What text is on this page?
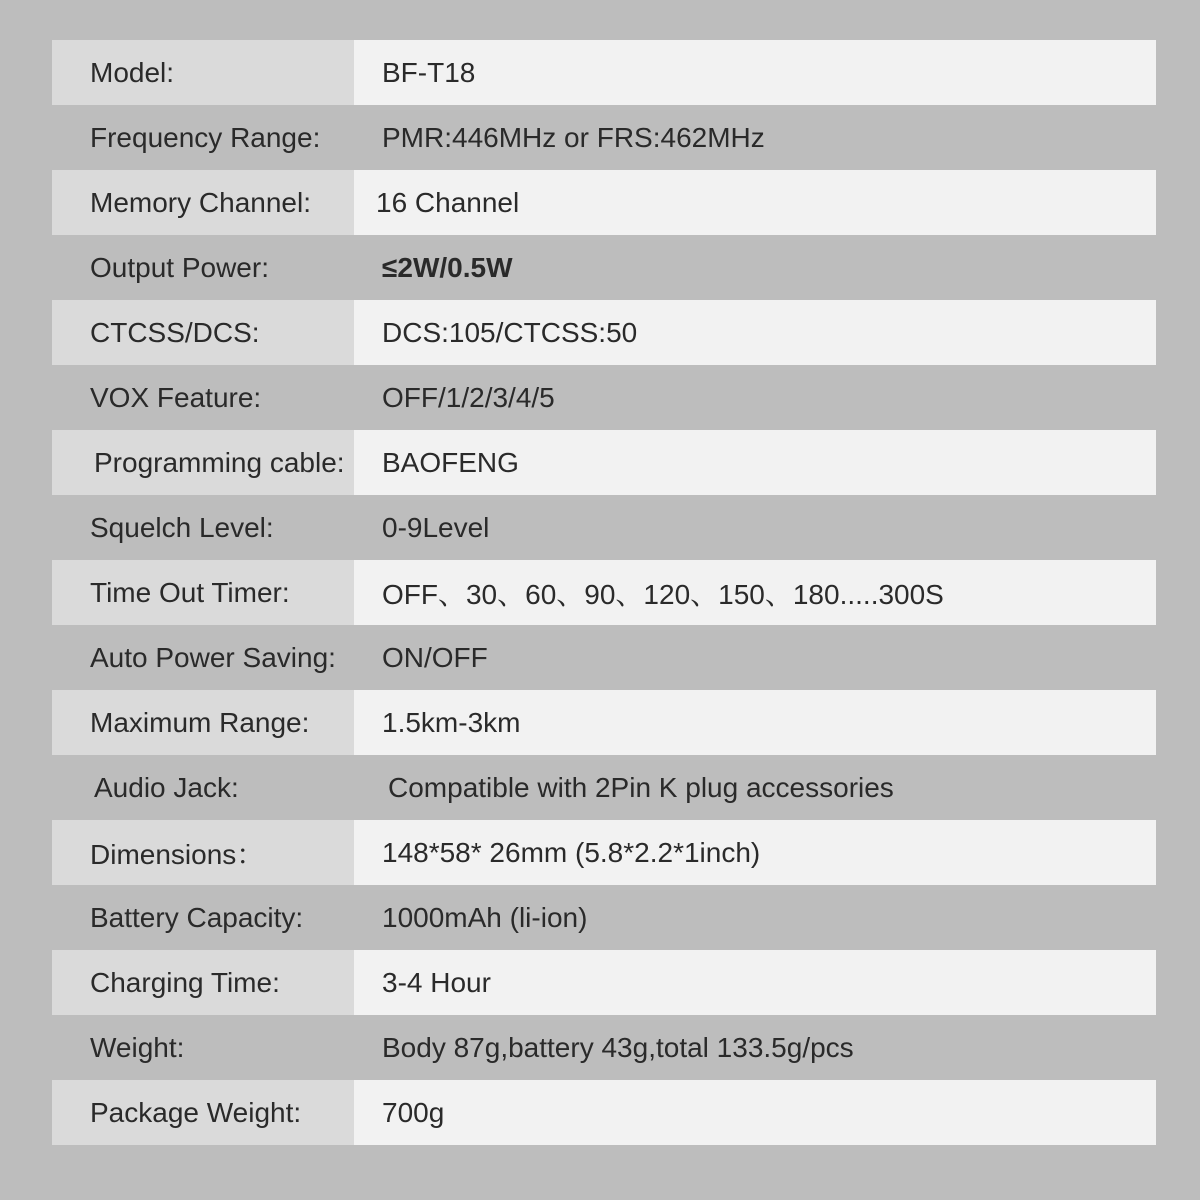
Model:	BF-T18
Frequency Range:	PMR:446MHz or FRS:462MHz
Memory Channel:	16 Channel
Output Power:	≤2W/0.5W
CTCSS/DCS:	DCS:105/CTCSS:50
VOX Feature:	OFF/1/2/3/4/5
Programming cable:	BAOFENG
Squelch Level:	0-9Level
Time Out Timer:	OFF、30、60、90、120、150、180.....300S
Auto Power Saving:	ON/OFF
Maximum Range:	1.5km-3km
Audio Jack:	Compatible with 2Pin K plug accessories
Dimensions：	148*58* 26mm (5.8*2.2*1inch)
Battery Capacity:	1000mAh (li-ion)
Charging Time:	3-4 Hour
Weight:	Body 87g,battery 43g,total 133.5g/pcs
Package Weight:	700g
